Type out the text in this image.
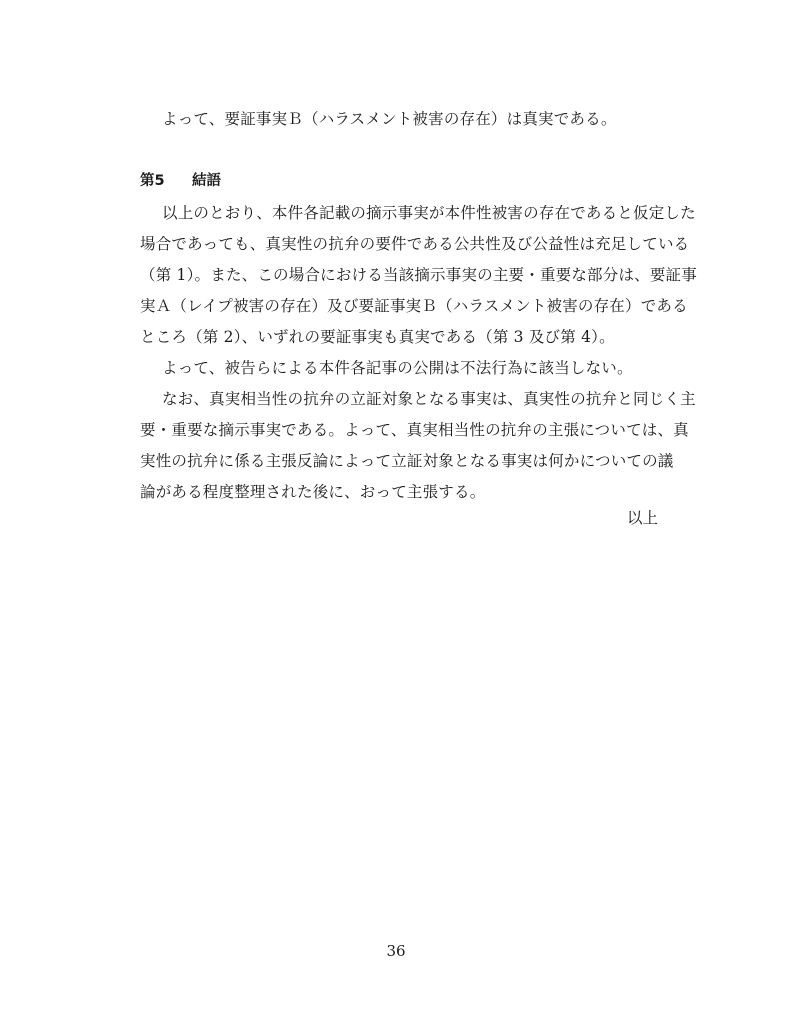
よって、要証事実Ｂ（ハラスメント被害の存在）は真実である。
第5 結語
以上のとおり、本件各記載の摘示事実が本件性被害の存在であると仮定した
場合であっても、真実性の抗弁の要件である公共性及び公益性は充足している
（第 1）。また、この場合における当該摘示事実の主要・重要な部分は、要証事
実Ａ（レイプ被害の存在）及び要証事実Ｂ（ハラスメント被害の存在）である
ところ（第 2）、いずれの要証事実も真実である（第 3 及び第 4）。
よって、被告らによる本件各記事の公開は不法行為に該当しない。
なお、真実相当性の抗弁の立証対象となる事実は、真実性の抗弁と同じく主
要・重要な摘示事実である。よって、真実相当性の抗弁の主張については、真
実性の抗弁に係る主張反論によって立証対象となる事実は何かについての議
論がある程度整理された後に、おって主張する。
以上
36
